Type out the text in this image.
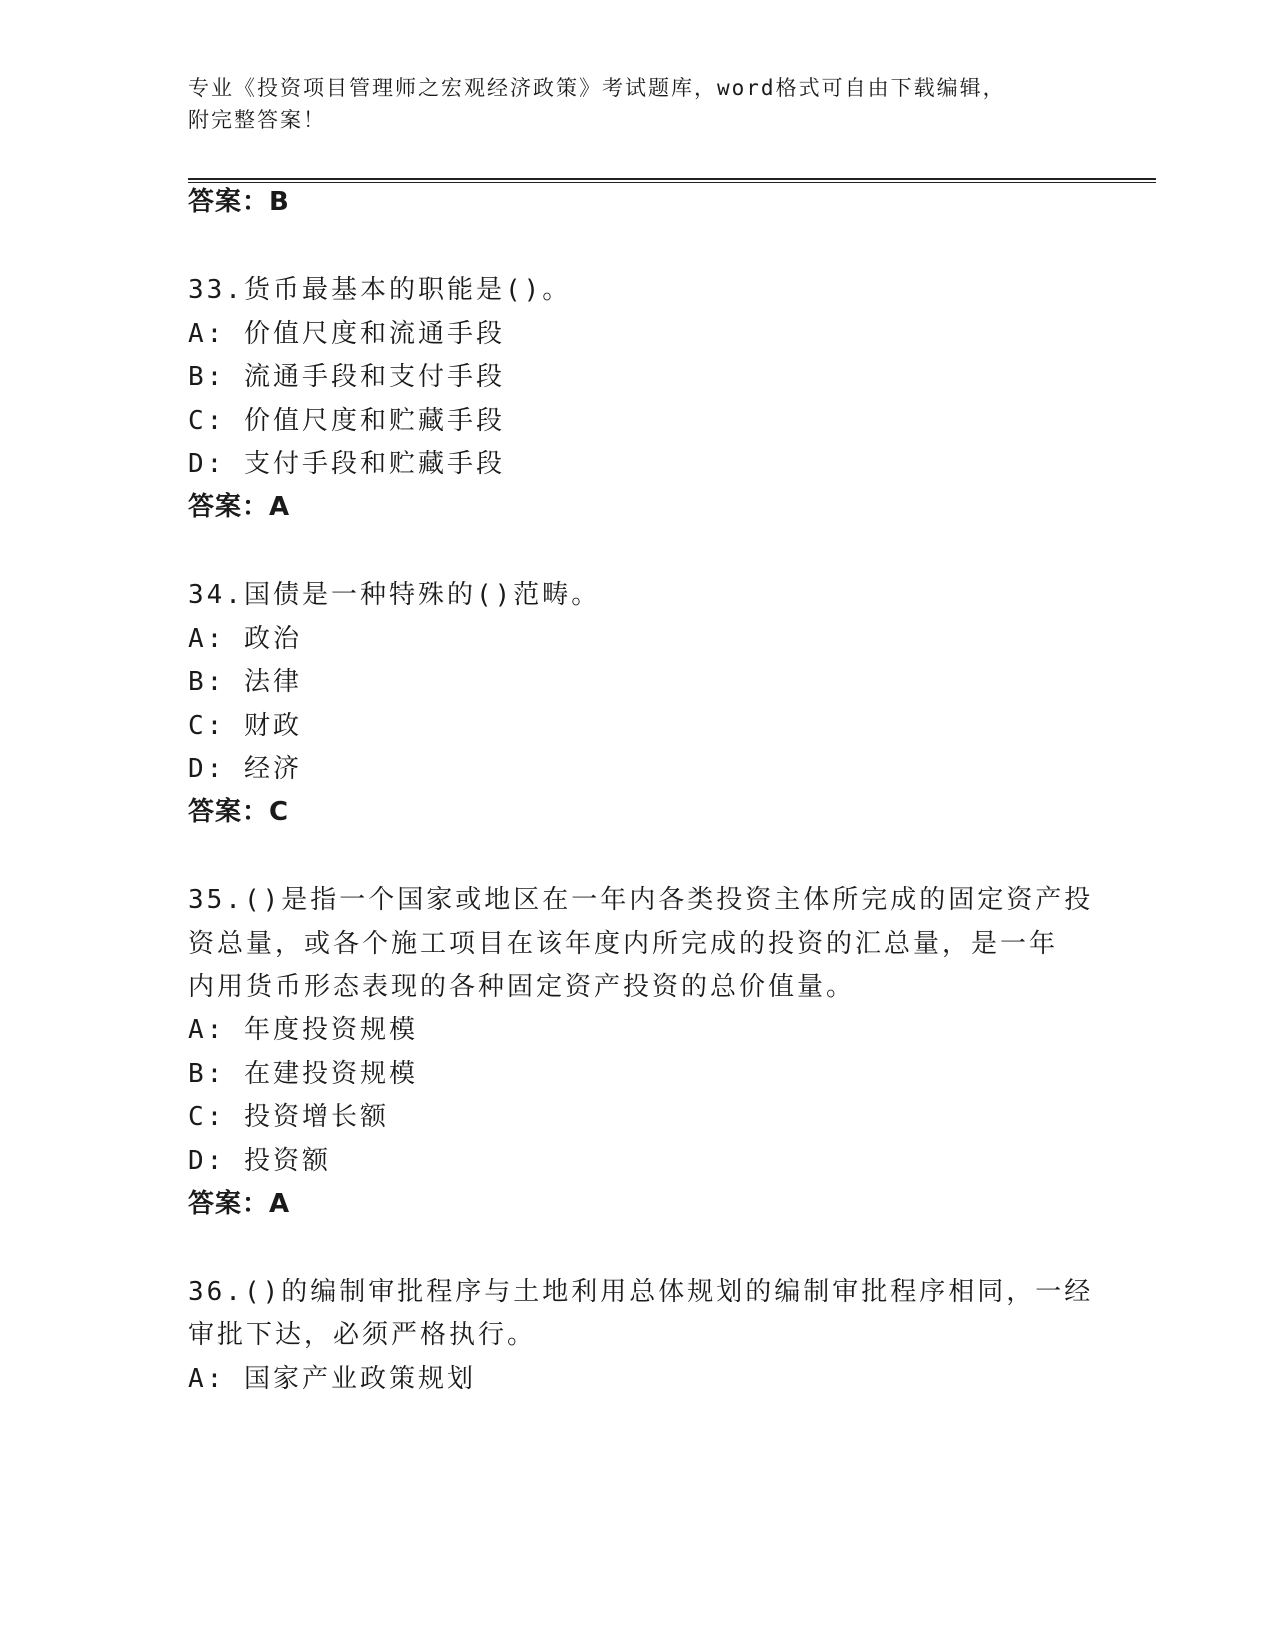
专业《投资项目管理师之宏观经济政策》考试题库，word格式可自由下载编辑，
附完整答案！
答案：B
33.货币最基本的职能是()。
A: 价值尺度和流通手段
B: 流通手段和支付手段
C: 价值尺度和贮藏手段
D: 支付手段和贮藏手段
答案：A
34.国债是一种特殊的()范畴。
A: 政治
B: 法律
C: 财政
D: 经济
答案：C
35.()是指一个国家或地区在一年内各类投资主体所完成的固定资产投
资总量，或各个施工项目在该年度内所完成的投资的汇总量，是一年
内用货币形态表现的各种固定资产投资的总价值量。
A: 年度投资规模
B: 在建投资规模
C: 投资增长额
D: 投资额
答案：A
36.()的编制审批程序与土地利用总体规划的编制审批程序相同，一经
审批下达，必须严格执行。
A: 国家产业政策规划
